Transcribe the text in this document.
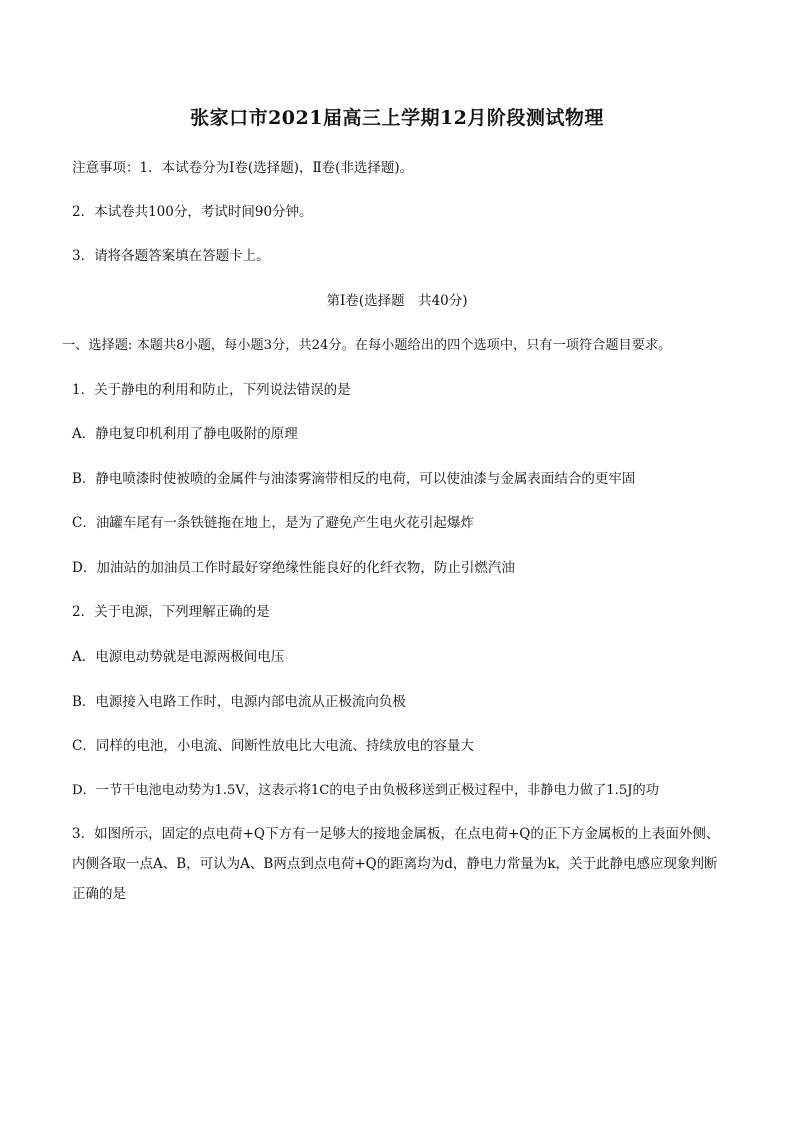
张家口市2021届高三上学期12月阶段测试物理
注意事项：1．本试卷分为Ⅰ卷(选择题)，Ⅱ卷(非选择题)。
2．本试卷共100分，考试时间90分钟。
3．请将各题答案填在答题卡上。
第Ⅰ卷(选择题　共40分)
一、选择题: 本题共8小题，每小题3分，共24分。在每小题给出的四个选项中，只有一项符合题目要求。
1．关于静电的利用和防止，下列说法错误的是
A．静电复印机利用了静电吸附的原理
B．静电喷漆时使被喷的金属件与油漆雾滴带相反的电荷，可以使油漆与金属表面结合的更牢固
C．油罐车尾有一条铁链拖在地上，是为了避免产生电火花引起爆炸
D．加油站的加油员工作时最好穿绝缘性能良好的化纤衣物，防止引燃汽油
2．关于电源，下列理解正确的是
A．电源电动势就是电源两极间电压
B．电源接入电路工作时，电源内部电流从正极流向负极
C．同样的电池，小电流、间断性放电比大电流、持续放电的容量大
D．一节干电池电动势为1.5V，这表示将1C的电子由负极移送到正极过程中，非静电力做了1.5J的功
3．如图所示，固定的点电荷+Q下方有一足够大的接地金属板，在点电荷+Q的正下方金属板的上表面外侧、内侧各取一点A、B，可认为A、B两点到点电荷+Q的距离均为d，静电力常量为k，关于此静电感应现象判断正确的是
